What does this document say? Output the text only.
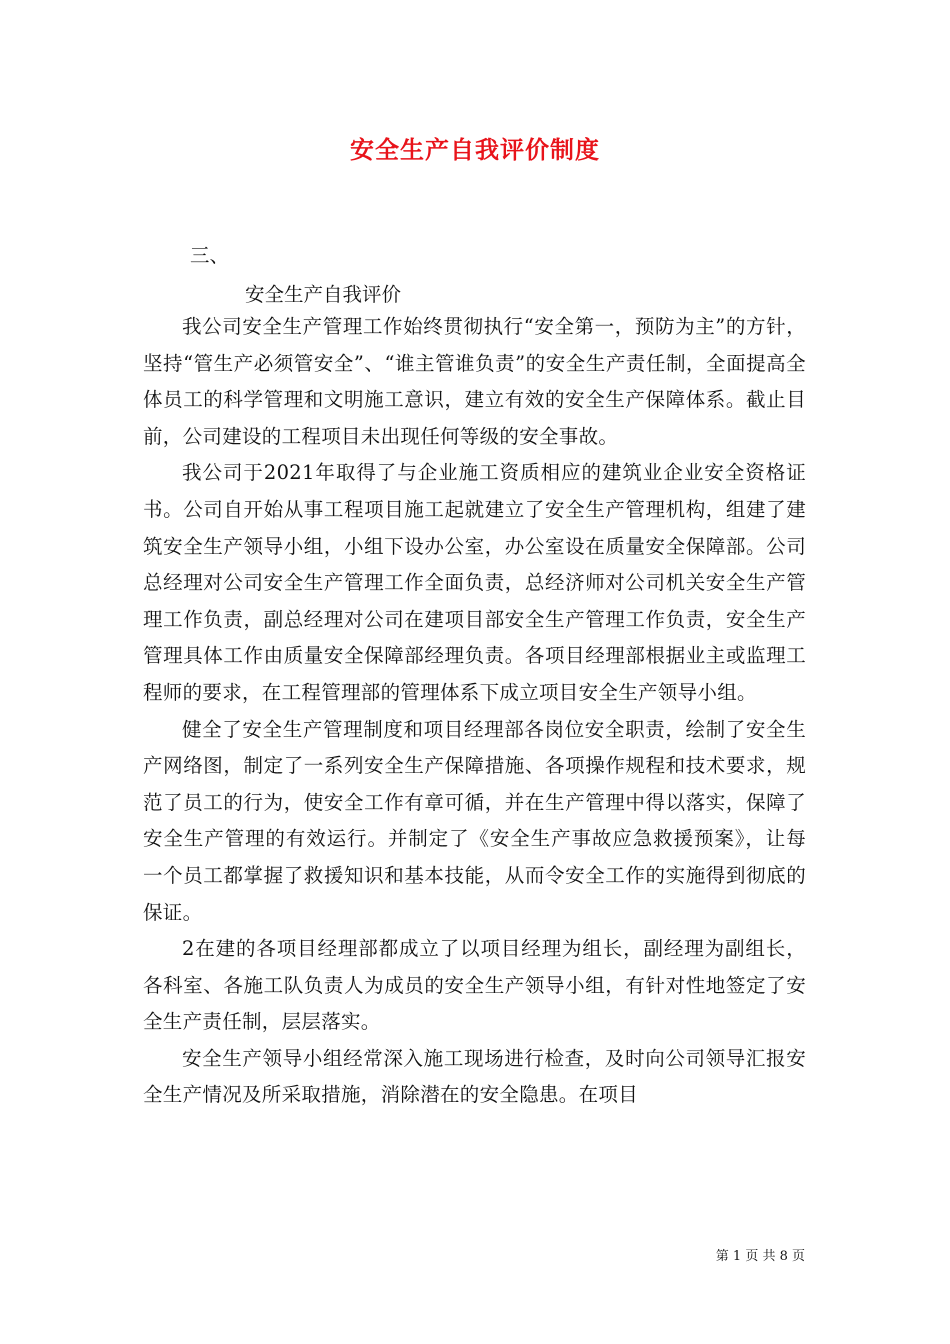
安全生产自我评价制度
三、
安全生产自我评价

我公司安全生产管理工作始终贯彻执行“安全第一，预防为主”的方针，坚持“管生产必须管安全”、“谁主管谁负责”的安全生产责任制，全面提高全体员工的科学管理和文明施工意识，建立有效的安全生产保障体系。截止目前，公司建设的工程项目未出现任何等级的安全事故。

我公司于2021年取得了与企业施工资质相应的建筑业企业安全资格证书。公司自开始从事工程项目施工起就建立了安全生产管理机构，组建了建筑安全生产领导小组，小组下设办公室，办公室设在质量安全保障部。公司总经理对公司安全生产管理工作全面负责，总经济师对公司机关安全生产管理工作负责，副总经理对公司在建项目部安全生产管理工作负责，安全生产管理具体工作由质量安全保障部经理负责。各项目经理部根据业主或监理工程师的要求，在工程管理部的管理体系下成立项目安全生产领导小组。

健全了安全生产管理制度和项目经理部各岗位安全职责，绘制了安全生产网络图，制定了一系列安全生产保障措施、各项操作规程和技术要求，规范了员工的行为，使安全工作有章可循，并在生产管理中得以落实，保障了安全生产管理的有效运行。并制定了《安全生产事故应急救援预案》，让每一个员工都掌握了救援知识和基本技能，从而令安全工作的实施得到彻底的保证。

2在建的各项目经理部都成立了以项目经理为组长，副经理为副组长，各科室、各施工队负责人为成员的安全生产领导小组，有针对性地签定了安全生产责任制，层层落实。

安全生产领导小组经常深入施工现场进行检查，及时向公司领导汇报安全生产情况及所采取措施，消除潜在的安全隐患。在项目

第 1 页 共 8 页
